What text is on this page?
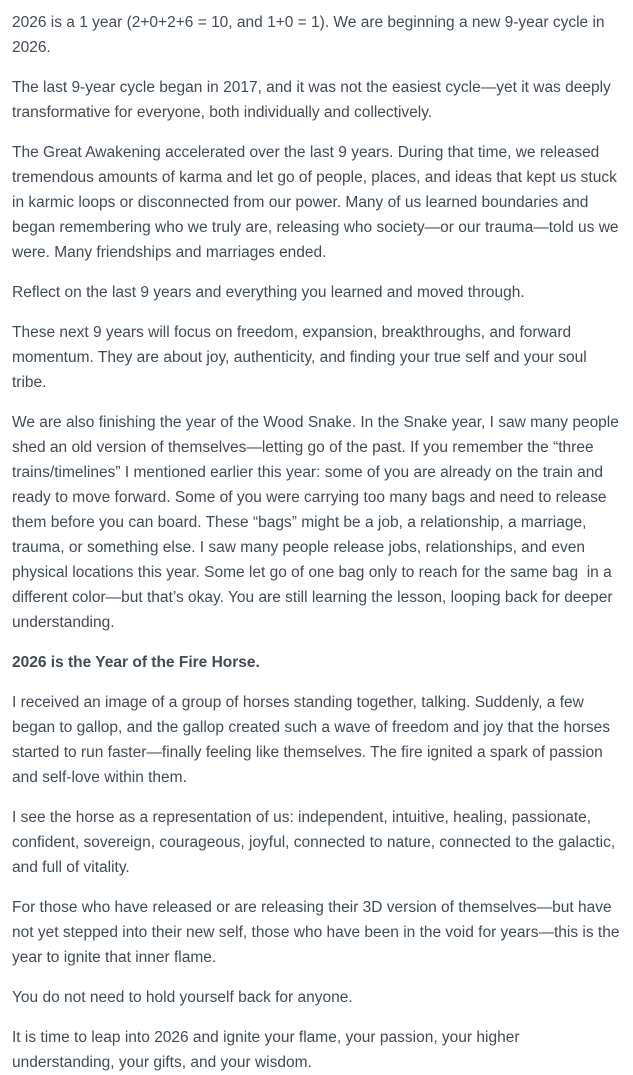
2026 is a 1 year (2+0+2+6 = 10, and 1+0 = 1). We are beginning a new 9-year cycle in 2026.

The last 9-year cycle began in 2017, and it was not the easiest cycle—yet it was deeply transformative for everyone, both individually and collectively.

The Great Awakening accelerated over the last 9 years. During that time, we released tremendous amounts of karma and let go of people, places, and ideas that kept us stuck in karmic loops or disconnected from our power. Many of us learned boundaries and began remembering who we truly are, releasing who society—or our trauma—told us we were. Many friendships and marriages ended.

Reflect on the last 9 years and everything you learned and moved through.

These next 9 years will focus on freedom, expansion, breakthroughs, and forward momentum. They are about joy, authenticity, and finding your true self and your soul tribe.

We are also finishing the year of the Wood Snake. In the Snake year, I saw many people shed an old version of themselves—letting go of the past. If you remember the “three trains/timelines” I mentioned earlier this year: some of you are already on the train and ready to move forward. Some of you were carrying too many bags and need to release them before you can board. These “bags” might be a job, a relationship, a marriage, trauma, or something else. I saw many people release jobs, relationships, and even physical locations this year. Some let go of one bag only to reach for the same bag  in a different color—but that’s okay. You are still learning the lesson, looping back for deeper understanding.

2026 is the Year of the Fire Horse.

I received an image of a group of horses standing together, talking. Suddenly, a few began to gallop, and the gallop created such a wave of freedom and joy that the horses started to run faster—finally feeling like themselves. The fire ignited a spark of passion and self-love within them.

I see the horse as a representation of us: independent, intuitive, healing, passionate, confident, sovereign, courageous, joyful, connected to nature, connected to the galactic, and full of vitality.

For those who have released or are releasing their 3D version of themselves—but have not yet stepped into their new self, those who have been in the void for years—this is the year to ignite that inner flame.

You do not need to hold yourself back for anyone.

It is time to leap into 2026 and ignite your flame, your passion, your higher understanding, your gifts, and your wisdom.
